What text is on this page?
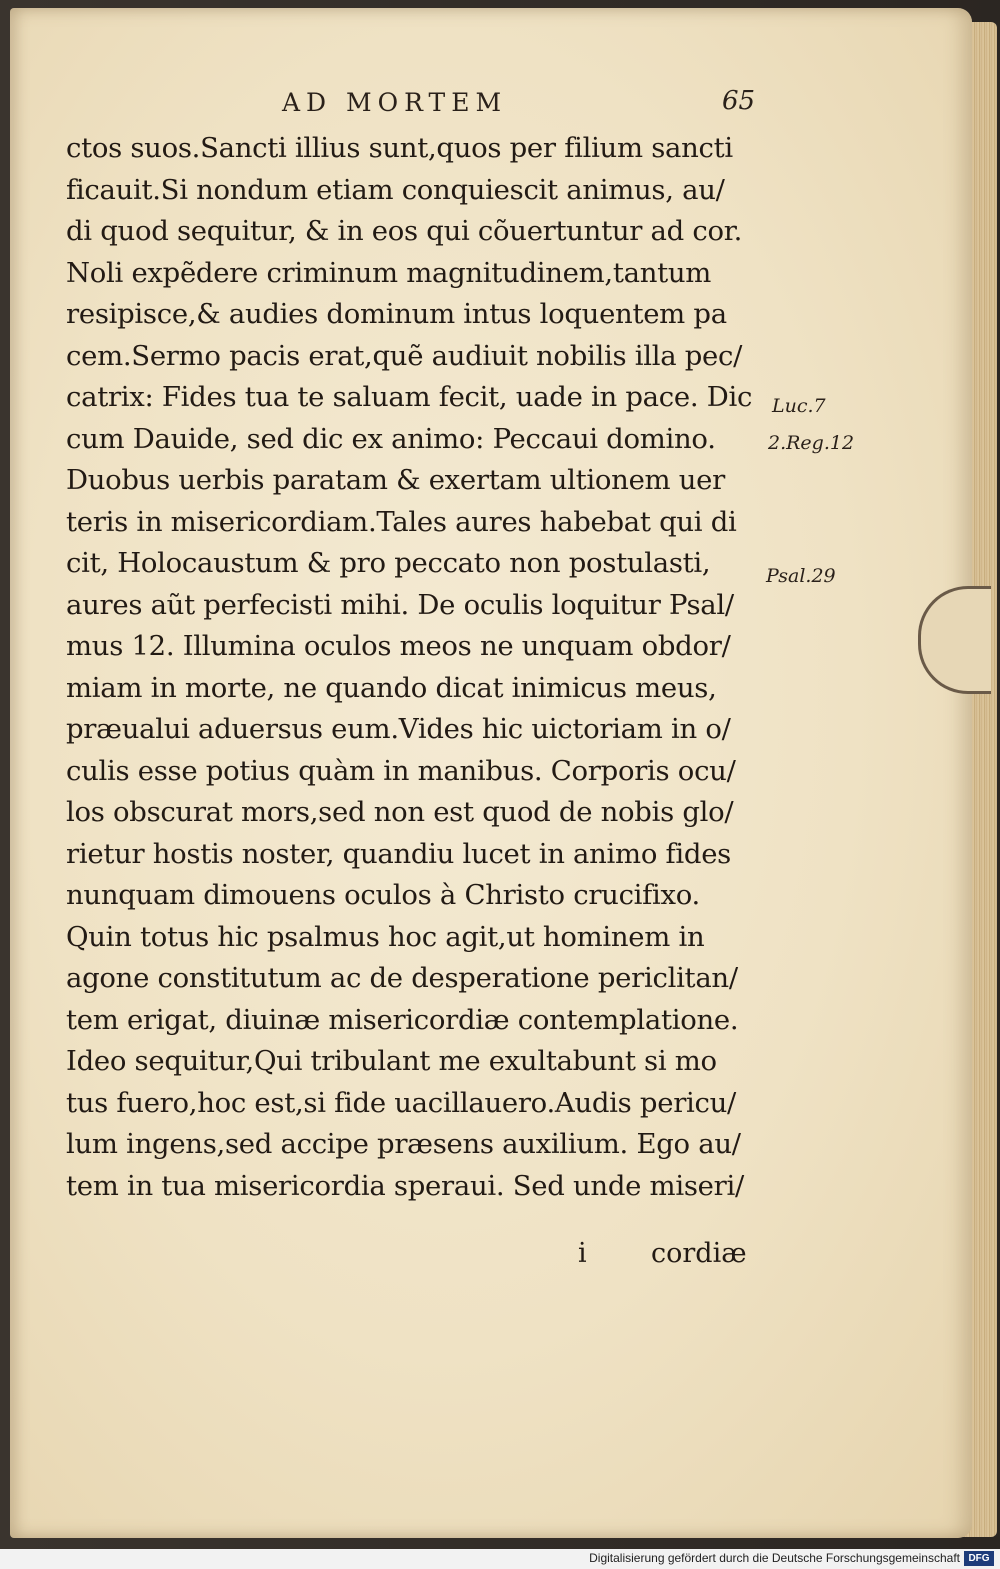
AD MORTEM	65
ctos suos.Sancti illius sunt,quos per filium sancti
ficauit.Si nondum etiam conquiescit animus, au/
di quod sequitur, & in eos qui cõuertuntur ad cor.
Noli expẽdere criminum magnitudinem,tantum
resipisce,& audies dominum intus loquentem pa
cem.Sermo pacis erat,quẽ audiuit nobilis illa pec/
catrix: Fides tua te saluam fecit, uade in pace. Dic
cum Dauide, sed dic ex animo: Peccaui domino.
Duobus uerbis paratam & exertam ultionem uer
teris in misericordiam.Tales aures habebat qui di
cit, Holocaustum & pro peccato non postulasti,
aures aũt perfecisti mihi. De oculis loquitur Psal/
mus 12. Illumina oculos meos ne unquam obdor/
miam in morte, ne quando dicat inimicus meus,
præualui aduersus eum.Vides hic uictoriam in o/
culis esse potius quàm in manibus. Corporis ocu/
los obscurat mors,sed non est quod de nobis glo/
rietur hostis noster, quandiu lucet in animo fides
nunquam dimouens oculos à Christo crucifixo.
Quin totus hic psalmus hoc agit,ut hominem in
agone constitutum ac de desperatione periclitan/
tem erigat, diuinæ misericordiæ contemplatione.
Ideo sequitur,Qui tribulant me exultabunt si mo
tus fuero,hoc est,si fide uacillauero.Audis pericu/
lum ingens,sed accipe præsens auxilium. Ego au/
tem in tua misericordia speraui. Sed unde miseri/
i cordiæ
Luc.7
2.Reg.12
Psal.29
Digitalisierung gefördert durch die Deutsche Forschungsgemeinschaft DFG
